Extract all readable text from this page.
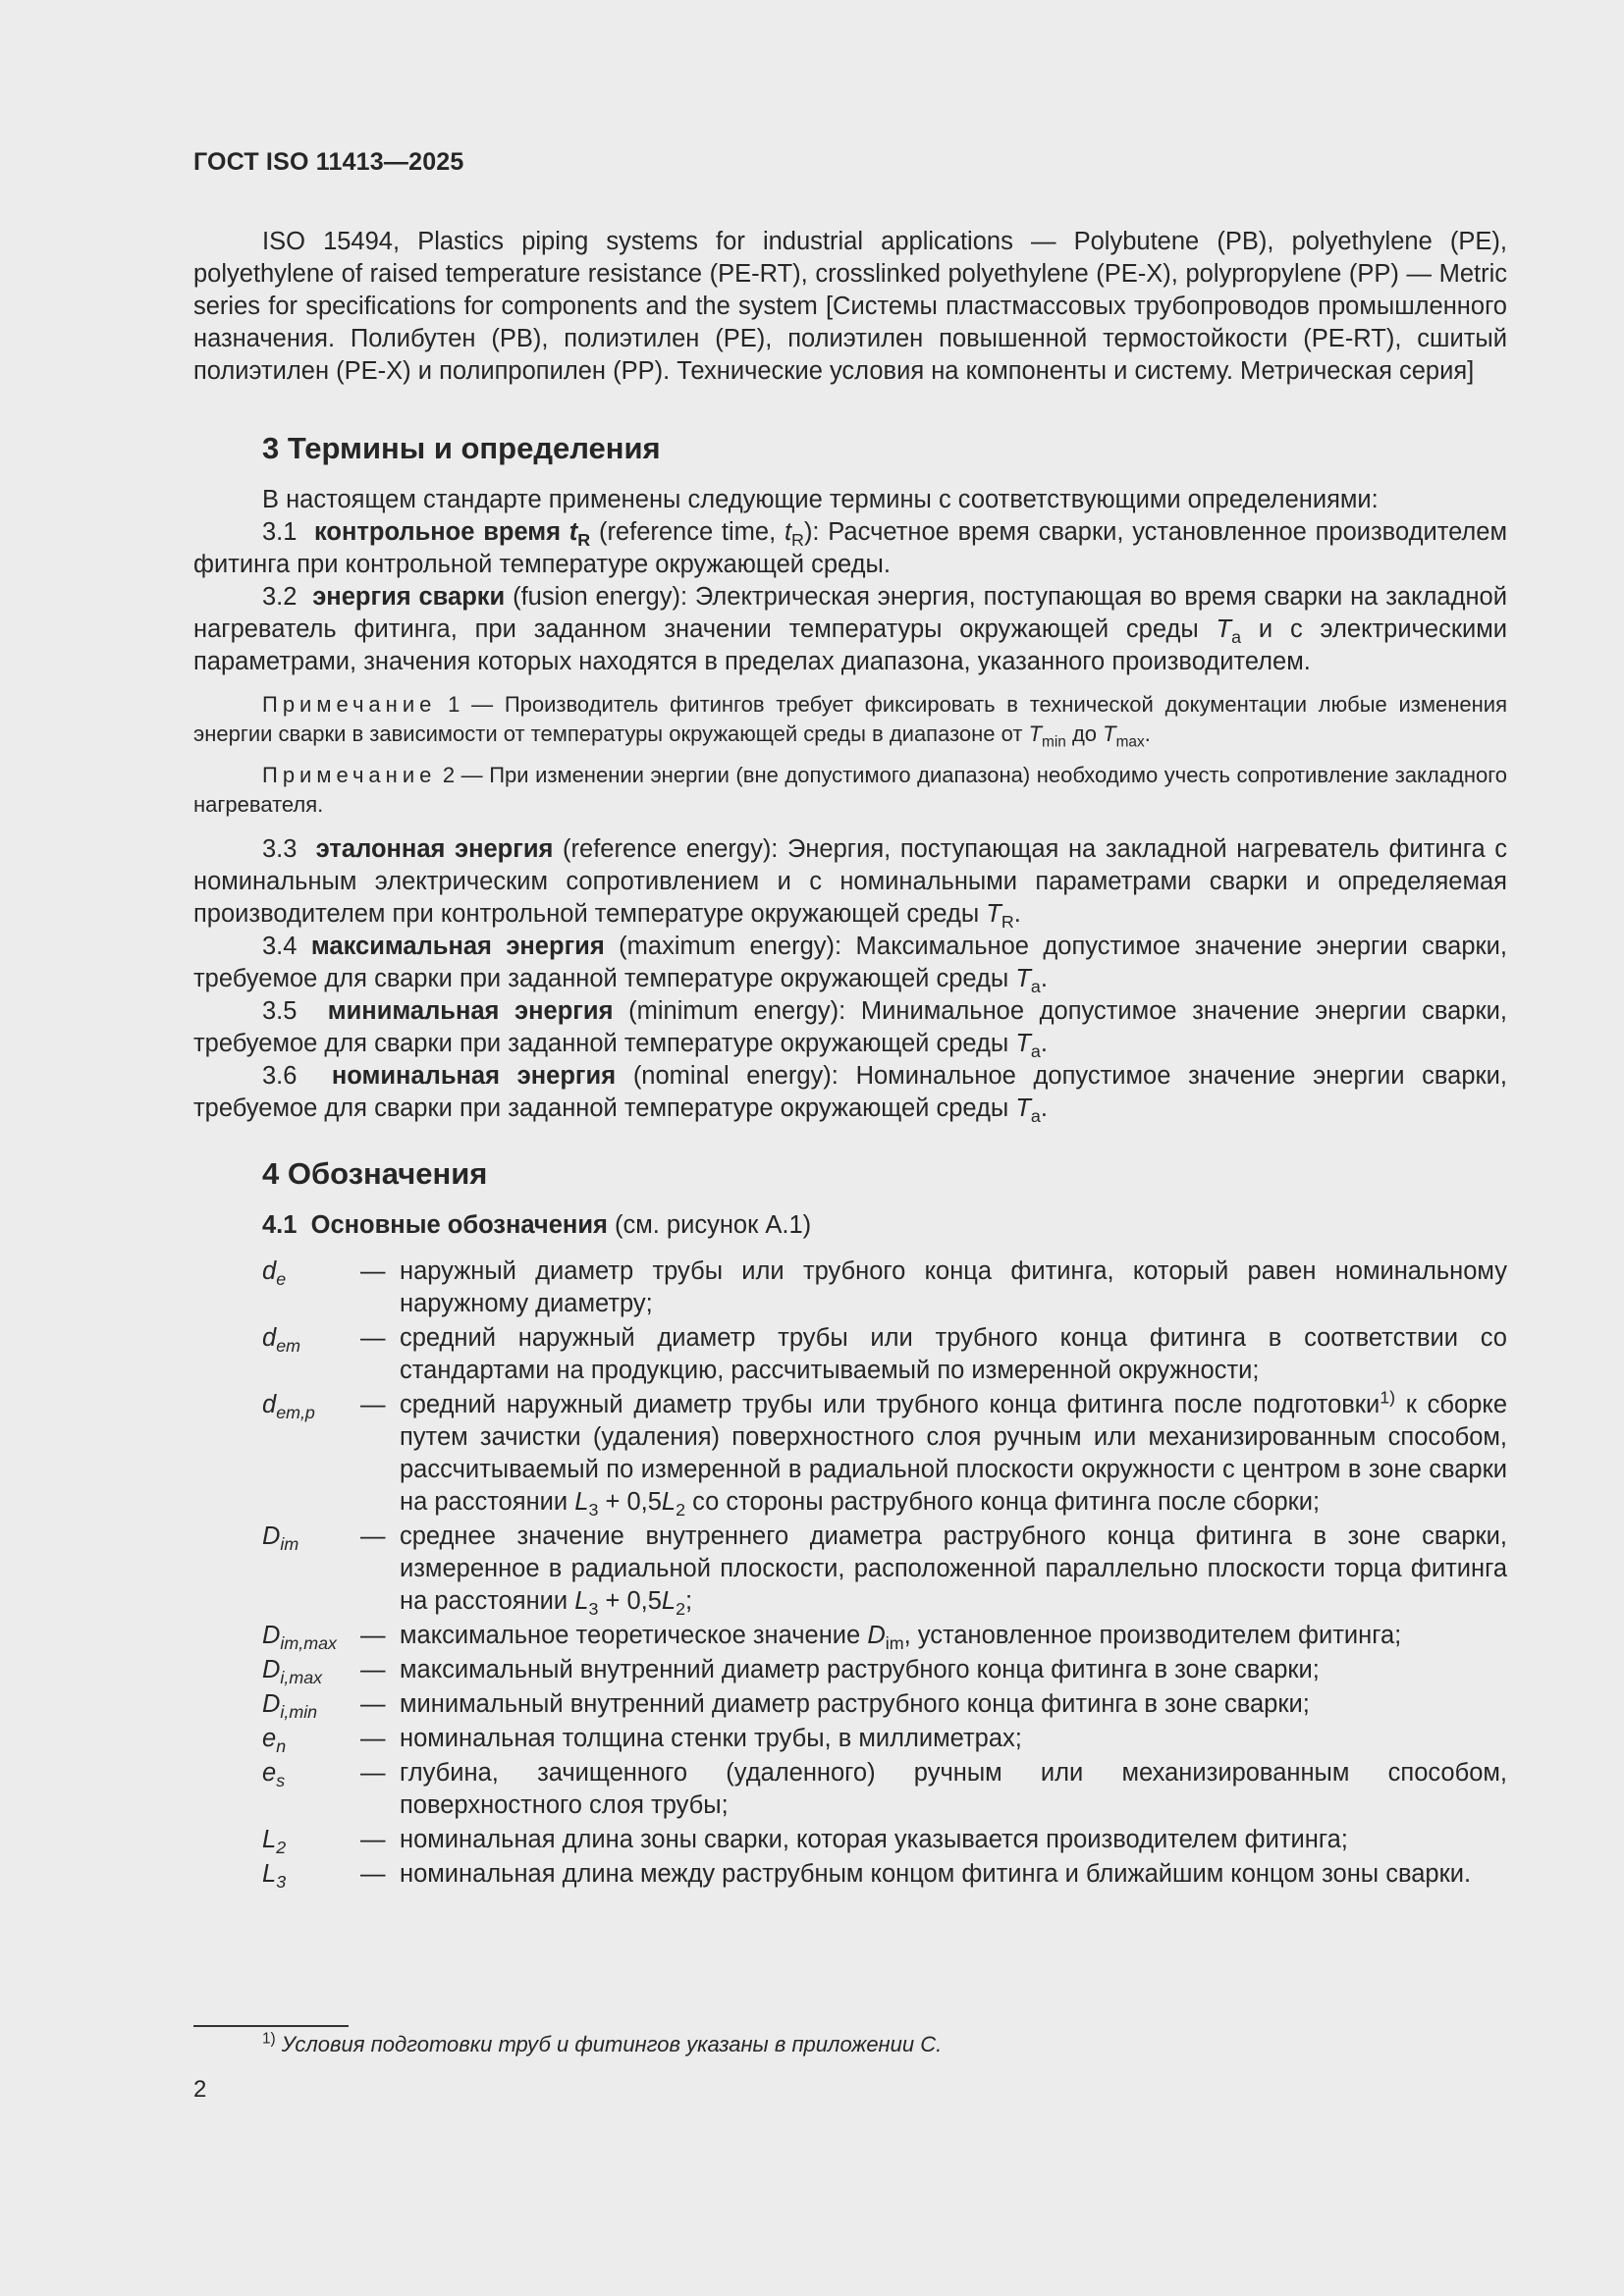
ГОСТ ISO 11413—2025

ISO 15494, Plastics piping systems for industrial applications — Polybutene (PB), polyethylene (PE), polyethylene of raised temperature resistance (PE-RT), crosslinked polyethylene (PE-X), polypropylene (PP) — Metric series for specifications for components and the system [Системы пластмассовых трубопроводов промышленного назначения. Полибутен (PB), полиэтилен (PE), полиэтилен повышенной термостойкости (PE-RT), сшитый полиэтилен (PE-X) и полипропилен (PP). Технические условия на компоненты и систему. Метрическая серия]

3 Термины и определения

В настоящем стандарте применены следующие термины с соответствующими определениями:

3.1 контрольное время $t_R$ (reference time, $t_R$): Расчетное время сварки, установленное производителем фитинга при контрольной температуре окружающей среды.

3.2 энергия сварки (fusion energy): Электрическая энергия, поступающая во время сварки на закладной нагреватель фитинга, при заданном значении температуры окружающей среды $T_a$ и с электрическими параметрами, значения которых находятся в пределах диапазона, указанного производителем.

Примечание 1 — Производитель фитингов требует фиксировать в технической документации любые изменения энергии сварки в зависимости от температуры окружающей среды в диапазоне от $T_{min}$ до $T_{max}$.

Примечание 2 — При изменении энергии (вне допустимого диапазона) необходимо учесть сопротивление закладного нагревателя.

3.3 эталонная энергия (reference energy): Энергия, поступающая на закладной нагреватель фитинга с номинальным электрическим сопротивлением и с номинальными параметрами сварки и определяемая производителем при контрольной температуре окружающей среды $T_R$.

3.4 максимальная энергия (maximum energy): Максимальное допустимое значение энергии сварки, требуемое для сварки при заданной температуре окружающей среды $T_a$.

3.5 минимальная энергия (minimum energy): Минимальное допустимое значение энергии сварки, требуемое для сварки при заданной температуре окружающей среды $T_a$.

3.6 номинальная энергия (nominal energy): Номинальное допустимое значение энергии сварки, требуемое для сварки при заданной температуре окружающей среды $T_a$.

4 Обозначения

4.1 Основные обозначения (см. рисунок А.1)

$d_e$	— наружный диаметр трубы или трубного конца фитинга, который равен номинальному наружному диаметру;
$d_{em}$	— средний наружный диаметр трубы или трубного конца фитинга в соответствии со стандартами на продукцию, рассчитываемый по измеренной окружности;
$d_{em,p}$	— средний наружный диаметр трубы или трубного конца фитинга после подготовки$^{1)}$ к сборке путем зачистки (удаления) поверхностного слоя ручным или механизированным способом, рассчитываемый по измеренной в радиальной плоскости окружности с центром в зоне сварки на расстоянии $L_3 + 0,5L_2$ со стороны раструбного конца фитинга после сборки;
$D_{im}$	— среднее значение внутреннего диаметра раструбного конца фитинга в зоне сварки, измеренное в радиальной плоскости, расположенной параллельно плоскости торца фитинга на расстоянии $L_3 + 0,5L_2$;
$D_{im,max}$ — максимальное теоретическое значение $D_{im}$, установленное производителем фитинга;
$D_{i,max}$	— максимальный внутренний диаметр раструбного конца фитинга в зоне сварки;
$D_{i,min}$	— минимальный внутренний диаметр раструбного конца фитинга в зоне сварки;
$e_n$	— номинальная толщина стенки трубы, в миллиметрах;
$e_s$	— глубина, зачищенного (удаленного) ручным или механизированным способом, поверхностного слоя трубы;
$L_2$	— номинальная длина зоны сварки, которая указывается производителем фитинга;
$L_3$	— номинальная длина между раструбным концом фитинга и ближайшим концом зоны сварки.
$^{1)}$ Условия подготовки труб и фитингов указаны в приложении С.
2
